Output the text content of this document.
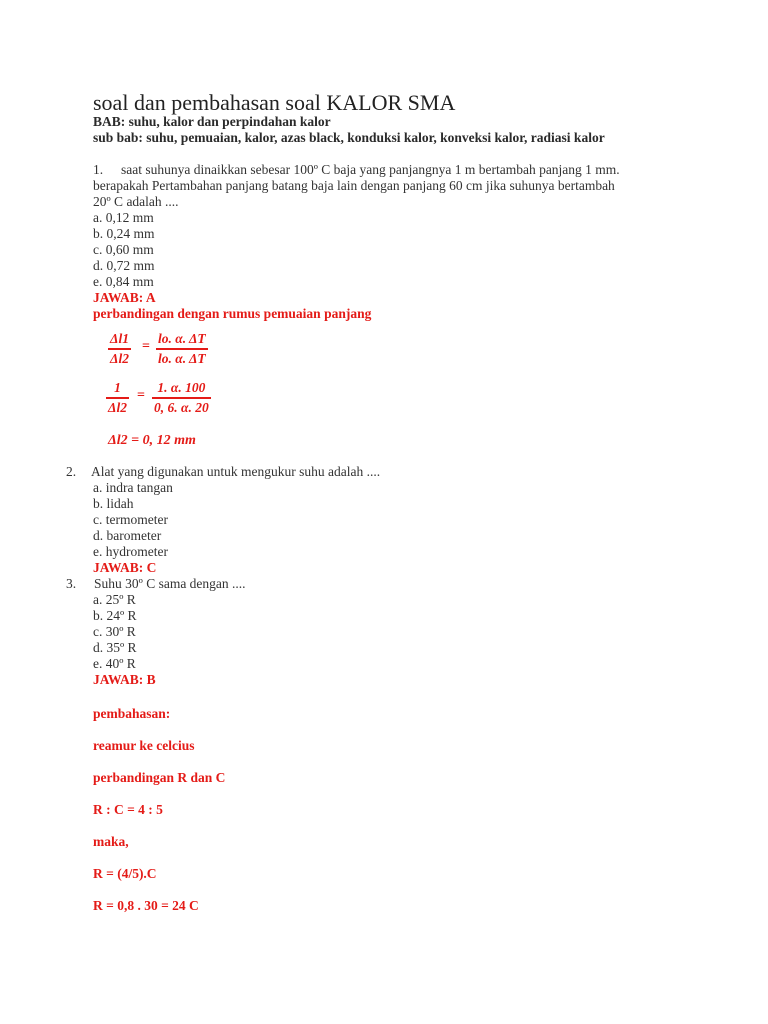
soal dan pembahasan soal KALOR SMA
BAB: suhu, kalor dan perpindahan kalor
sub bab: suhu, pemuaian, kalor, azas black, konduksi kalor, konveksi kalor, radiasi kalor
1. saat suhunya dinaikkan sebesar 100º C baja yang panjangnya 1 m bertambah panjang 1 mm.
berapakah Pertambahan panjang batang baja lain dengan panjang 60 cm jika suhunya bertambah
20º C adalah ....
a. 0,12 mm
b. 0,24 mm
c. 0,60 mm
d. 0,72 mm
e. 0,84 mm
JAWAB: A
perbandingan dengan rumus pemuaian panjang
Δl1
Δl2
=
lo. α. ΔT
lo. α. ΔT
1
Δl2
=
1. α. 100
0, 6. α. 20
Δl2 = 0, 12 mm
2. Alat yang digunakan untuk mengukur suhu adalah ....
a. indra tangan
b. lidah
c. termometer
d. barometer
e. hydrometer
JAWAB: C
3. Suhu 30º C sama dengan ....
a. 25º R
b. 24º R
c. 30º R
d. 35º R
e. 40º R
JAWAB: B
pembahasan:
reamur ke celcius
perbandingan R dan C
R : C = 4 : 5
maka,
R = (4/5).C
R = 0,8 . 30 = 24 C
